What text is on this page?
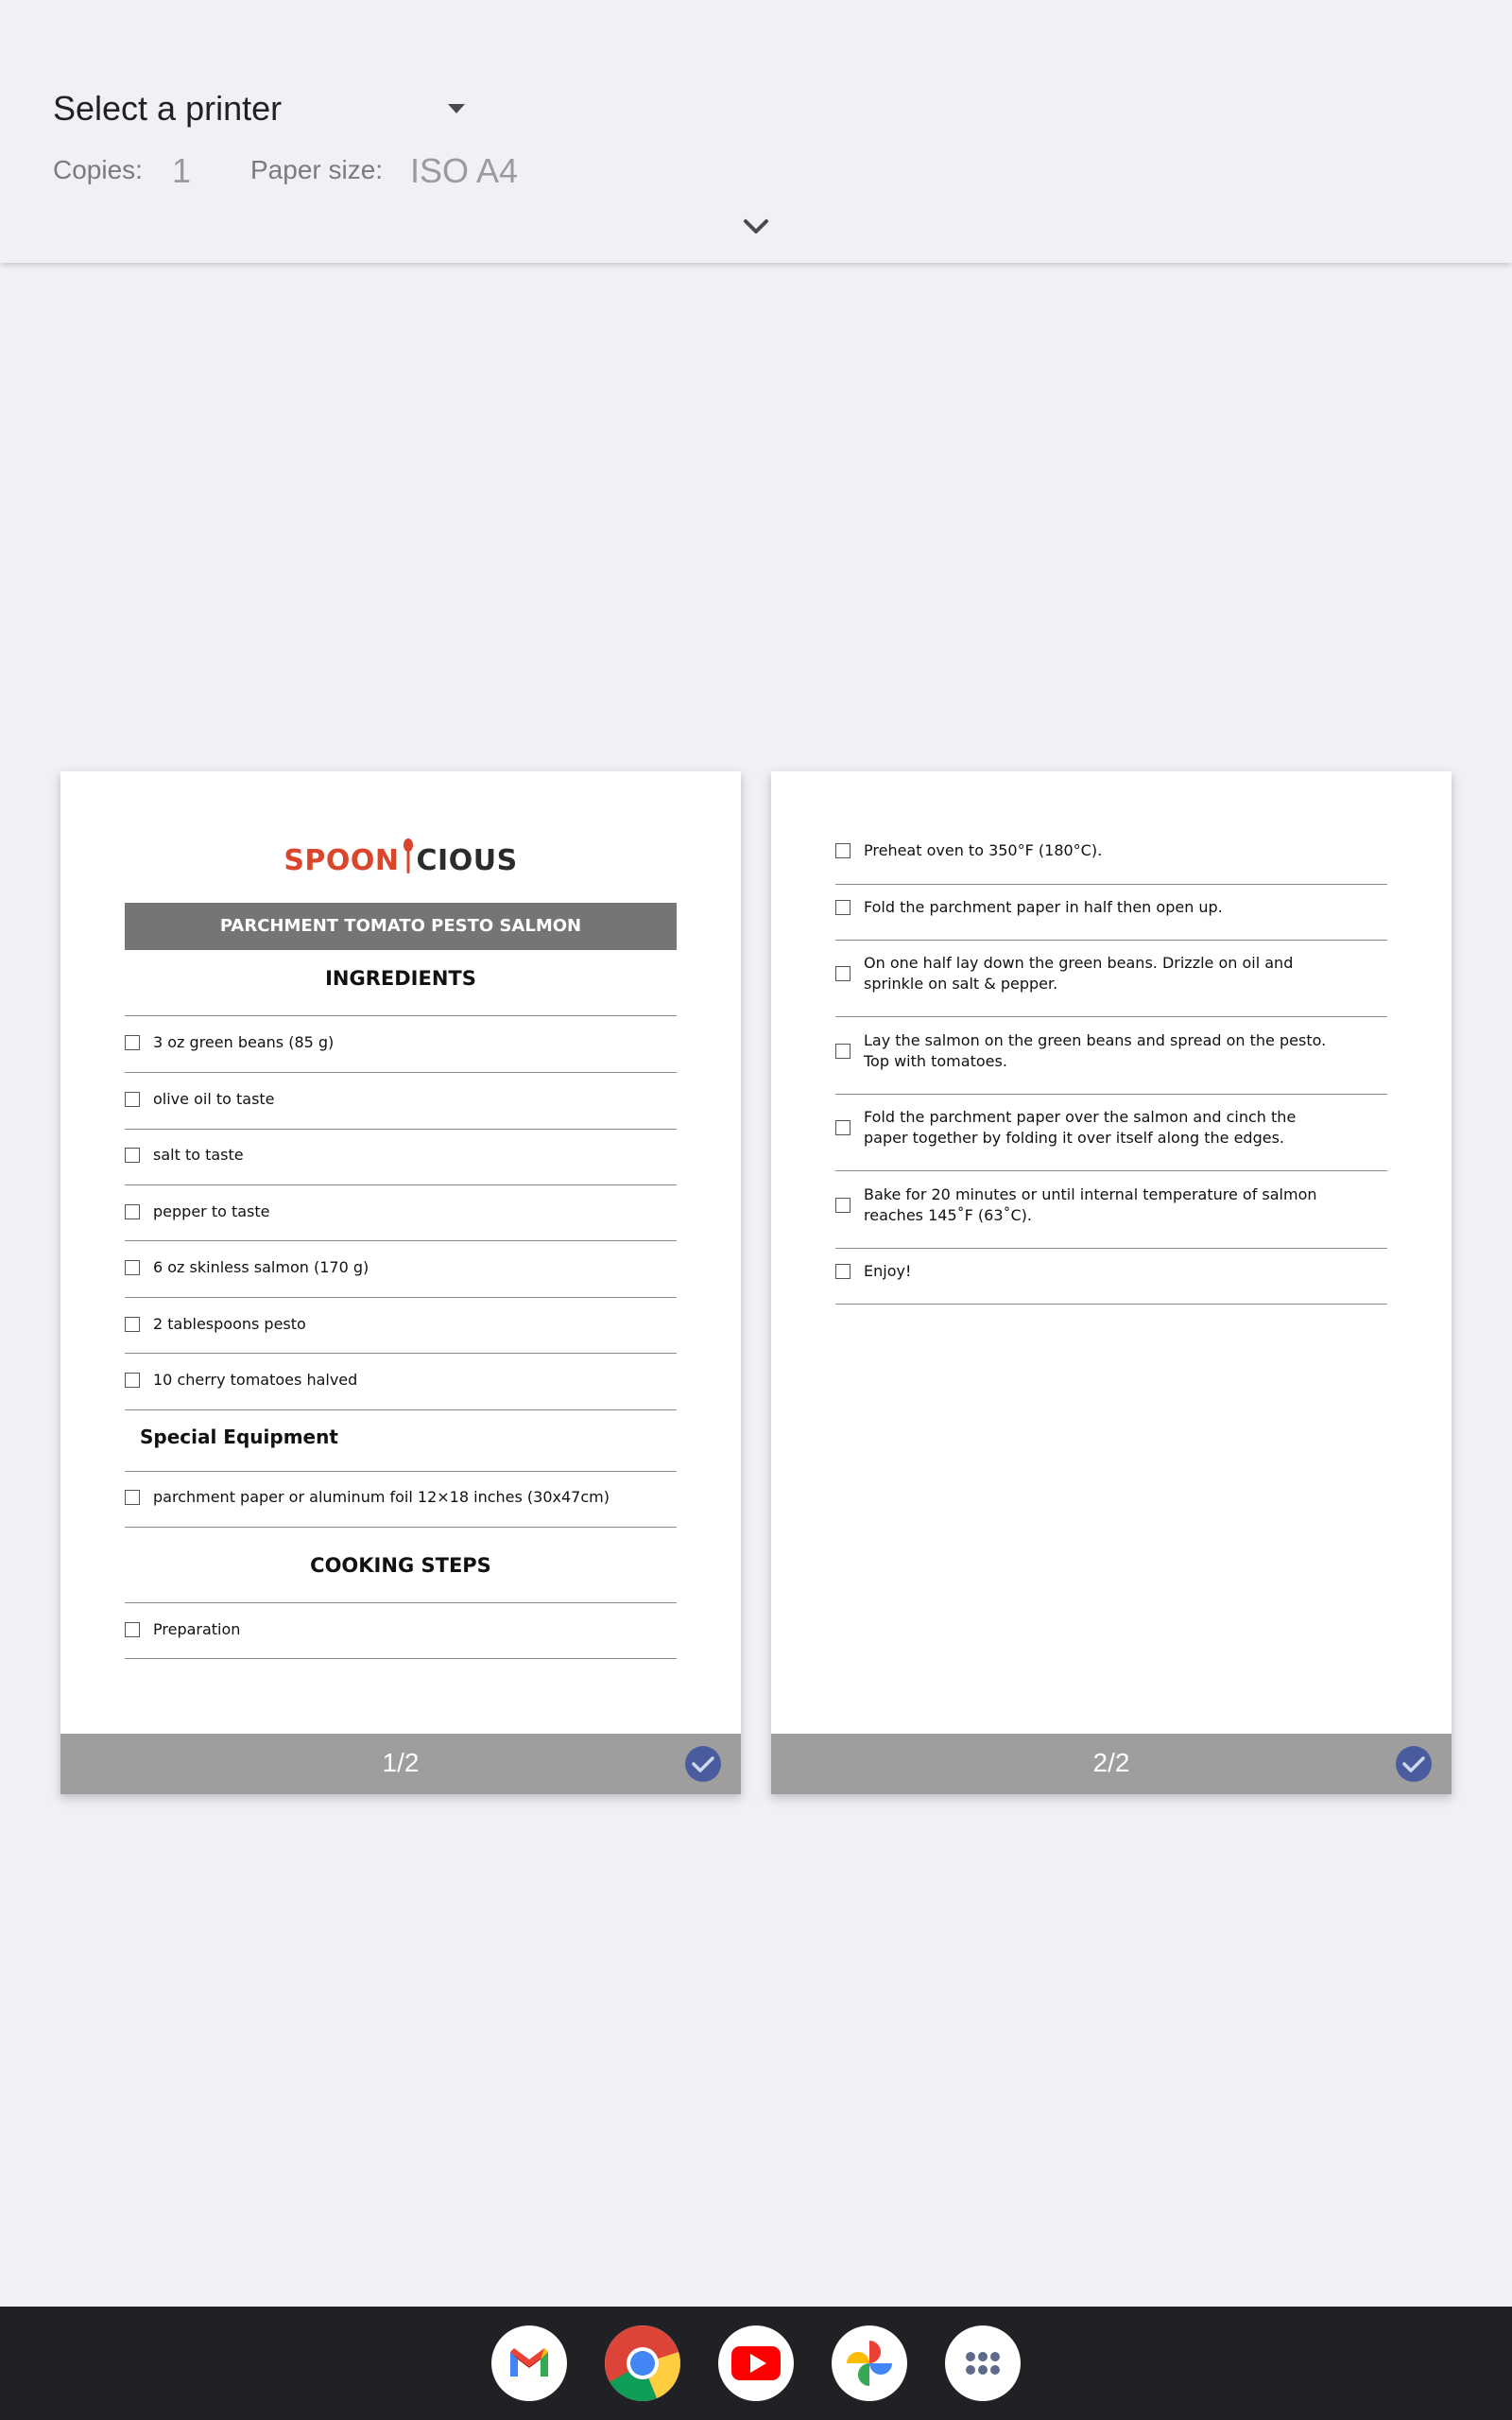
Select a printer
Copies: 1 Paper size: ISO A4
SPOON CIOUS
PARCHMENT TOMATO PESTO SALMON
INGREDIENTS
3 oz green beans (85 g)
olive oil to taste
salt to taste
pepper to taste
6 oz skinless salmon (170 g)
2 tablespoons pesto
10 cherry tomatoes halved
Special Equipment
parchment paper or aluminum foil 12×18 inches (30x47cm)
COOKING STEPS
Preparation
1/2
Preheat oven to 350°F (180°C).
Fold the parchment paper in half then open up.
On one half lay down the green beans. Drizzle on oil and
sprinkle on salt & pepper.
Lay the salmon on the green beans and spread on the pesto.
Top with tomatoes.
Fold the parchment paper over the salmon and cinch the
paper together by folding it over itself along the edges.
Bake for 20 minutes or until internal temperature of salmon
reaches 145˚F (63˚C).
Enjoy!
2/2
